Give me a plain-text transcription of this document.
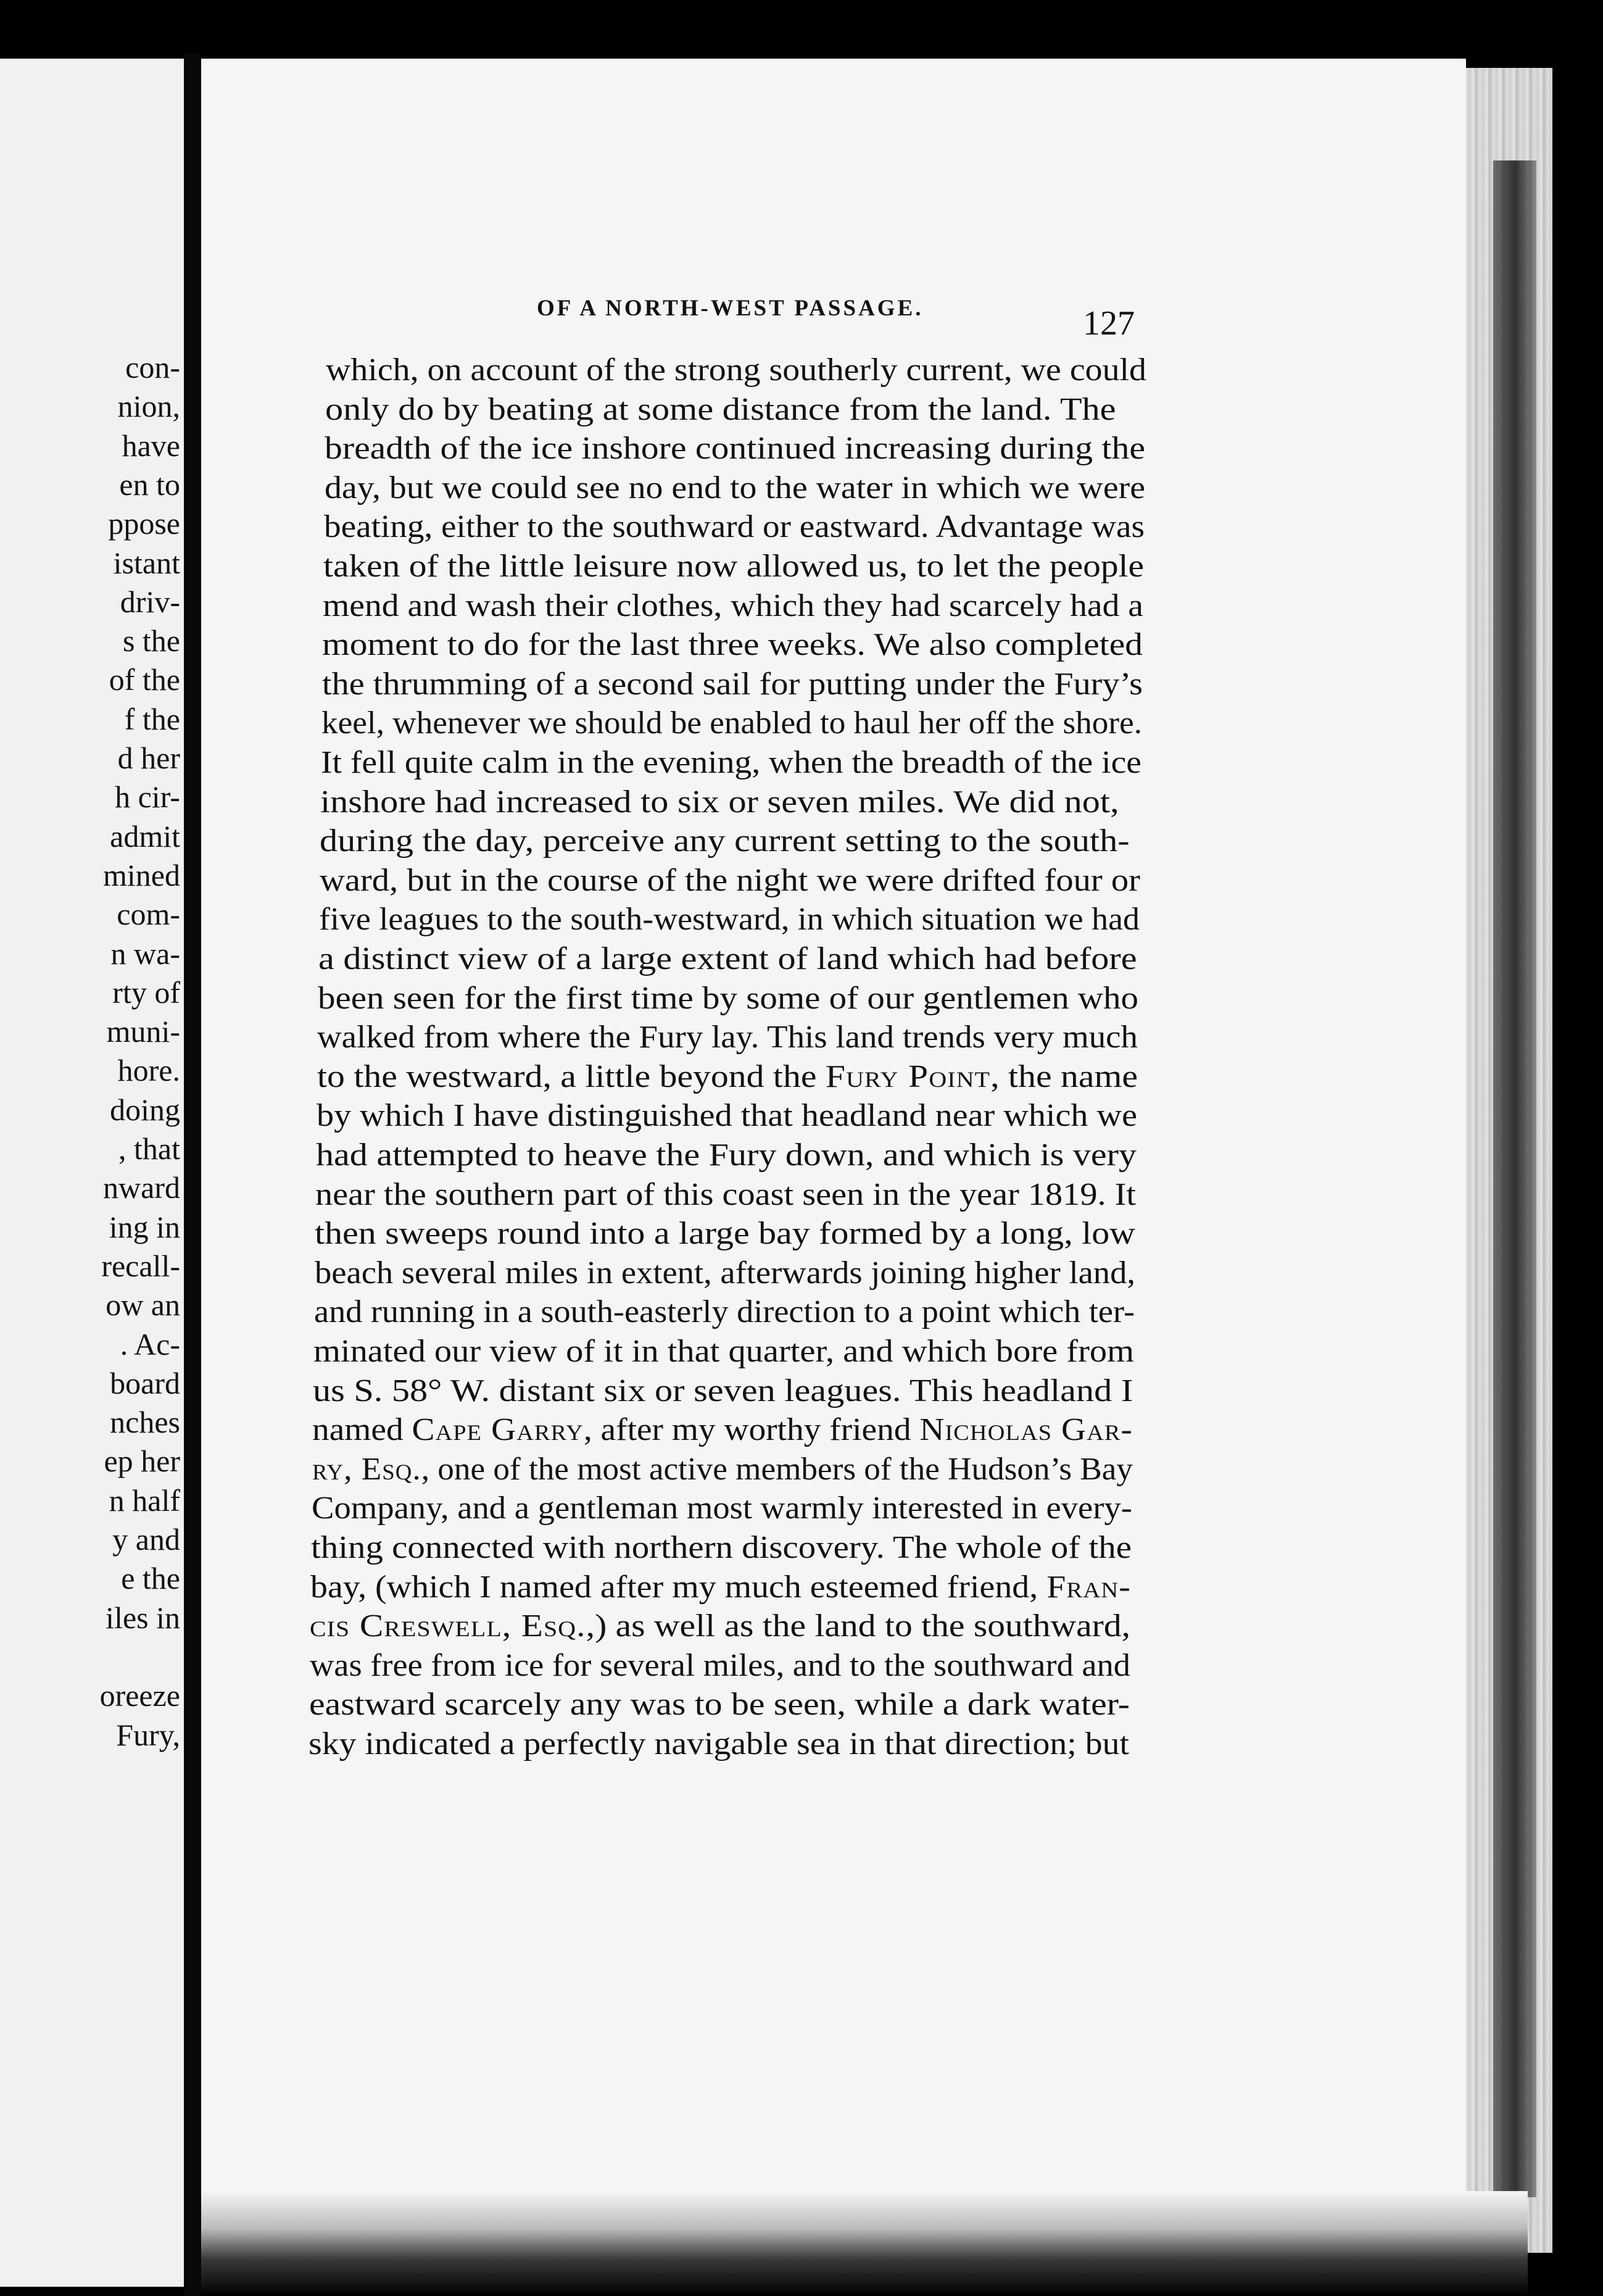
con-

nion,

have

en to

ppose

istant

driv-

s the

of the

f the

d her

h cir-

admit

mined

com-

n wa-

rty of

muni-

hore.

doing

, that

nward

ing in

recall-

ow an

. Ac-

board

nches

ep her

n half

y and

e the

iles in

oreeze

Fury,

OF A NORTH-WEST PASSAGE.	127

which, on account of the strong southerly current, we could

only do by beating at some distance from the land. The

breadth of the ice inshore continued increasing during the

day, but we could see no end to the water in which we were

beating, either to the southward or eastward. Advantage was

taken of the little leisure now allowed us, to let the people

mend and wash their clothes, which they had scarcely had a

moment to do for the last three weeks. We also completed

the thrumming of a second sail for putting under the Fury’s

keel, whenever we should be enabled to haul her off the shore.

It fell quite calm in the evening, when the breadth of the ice

inshore had increased to six or seven miles. We did not,

during the day, perceive any current setting to the south-

ward, but in the course of the night we were drifted four or

five leagues to the south-westward, in which situation we had

a distinct view of a large extent of land which had before

been seen for the first time by some of our gentlemen who

walked from where the Fury lay. This land trends very much

to the westward, a little beyond the Fury Point, the name

by which I have distinguished that headland near which we

had attempted to heave the Fury down, and which is very

near the southern part of this coast seen in the year 1819. It

then sweeps round into a large bay formed by a long, low

beach several miles in extent, afterwards joining higher land,

and running in a south-easterly direction to a point which ter-

minated our view of it in that quarter, and which bore from

us S. 58° W. distant six or seven leagues. This headland I

named Cape Garry, after my worthy friend Nicholas Gar-

ry, Esq., one of the most active members of the Hudson’s Bay

Company, and a gentleman most warmly interested in every-

thing connected with northern discovery. The whole of the

bay, (which I named after my much esteemed friend, Fran-

cis Creswell, Esq.,) as well as the land to the southward,

was free from ice for several miles, and to the southward and

eastward scarcely any was to be seen, while a dark water-

sky indicated a perfectly navigable sea in that direction; but
